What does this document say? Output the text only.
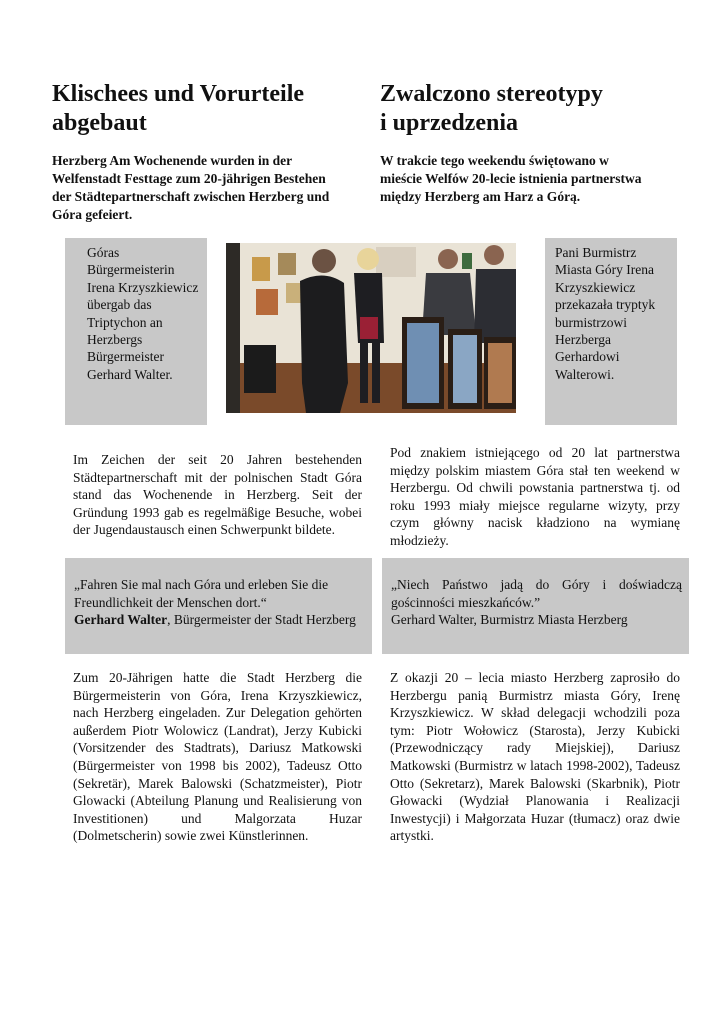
Klischees und Vorurteile
abgebaut
Zwalczono stereotypy
i uprzedzenia
Herzberg Am Wochenende wurden in der Welfenstadt Festtage zum 20-jährigen Bestehen der Städtepartnerschaft zwischen Herzberg und Góra gefeiert.
W trakcie tego weekendu świętowano w mieście Welfów 20-lecie istnienia partnerstwa między Herzberg am Harz a Górą.
Góras Bürgermeisterin Irena Krzyszkiewicz übergab das Triptychon an Herzbergs Bürgermeister Gerhard Walter.
Pani Burmistrz Miasta Góry Irena Krzyszkiewicz przekazała tryptyk burmistrzowi Herzberga Gerhardowi Walterowi.
Im Zeichen der seit 20 Jahren bestehenden Städtepartnerschaft mit der polnischen Stadt Góra stand das Wochenende in Herzberg. Seit der Gründung 1993 gab es regelmäßige Besuche, wobei der Jugendaustausch einen Schwerpunkt bildete.
Pod znakiem istniejącego od 20 lat partnerstwa między polskim miastem Góra stał ten weekend w Herzbergu. Od chwili powstania partnerstwa tj. od roku 1993 miały miejsce regularne wizyty, przy czym główny nacisk kładziono na wymianę młodzieży.
„Fahren Sie mal nach Góra und erleben Sie die Freundlichkeit der Menschen dort.“
Gerhard Walter, Bürgermeister der Stadt Herzberg
„Niech Państwo jadą do Góry i doświadczą gościnności mieszkańców.”
Gerhard Walter, Burmistrz Miasta Herzberg
Zum 20-Jährigen hatte die Stadt Herzberg die Bürgermeisterin von Góra, Irena Krzyszkiewicz, nach Herzberg eingeladen. Zur Delegation gehörten außerdem Piotr Wolowicz (Landrat), Jerzy Kubicki (Vorsitzender des Stadtrats), Dariusz Matkowski (Bürgermeister von 1998 bis 2002), Tadeusz Otto (Sekretär), Marek Balowski (Schatzmeister), Piotr Glowacki (Abteilung Planung und Realisierung von Investitionen) und Malgorzata Huzar (Dolmetscherin) sowie zwei Künstlerinnen.
Z okazji 20 – lecia miasto Herzberg zaprosiło do Herzbergu panią Burmistrz miasta Góry, Irenę Krzyszkiewicz. W skład delegacji wchodzili poza tym: Piotr Wołowicz (Starosta), Jerzy Kubicki (Przewodniczący rady Miejskiej), Dariusz Matkowski (Burmistrz w latach 1998-2002), Tadeusz Otto (Sekretarz), Marek Balowski (Skarbnik), Piotr Głowacki (Wydział Planowania i Realizacji Inwestycji) i Małgorzata Huzar (tłumacz) oraz dwie artystki.
